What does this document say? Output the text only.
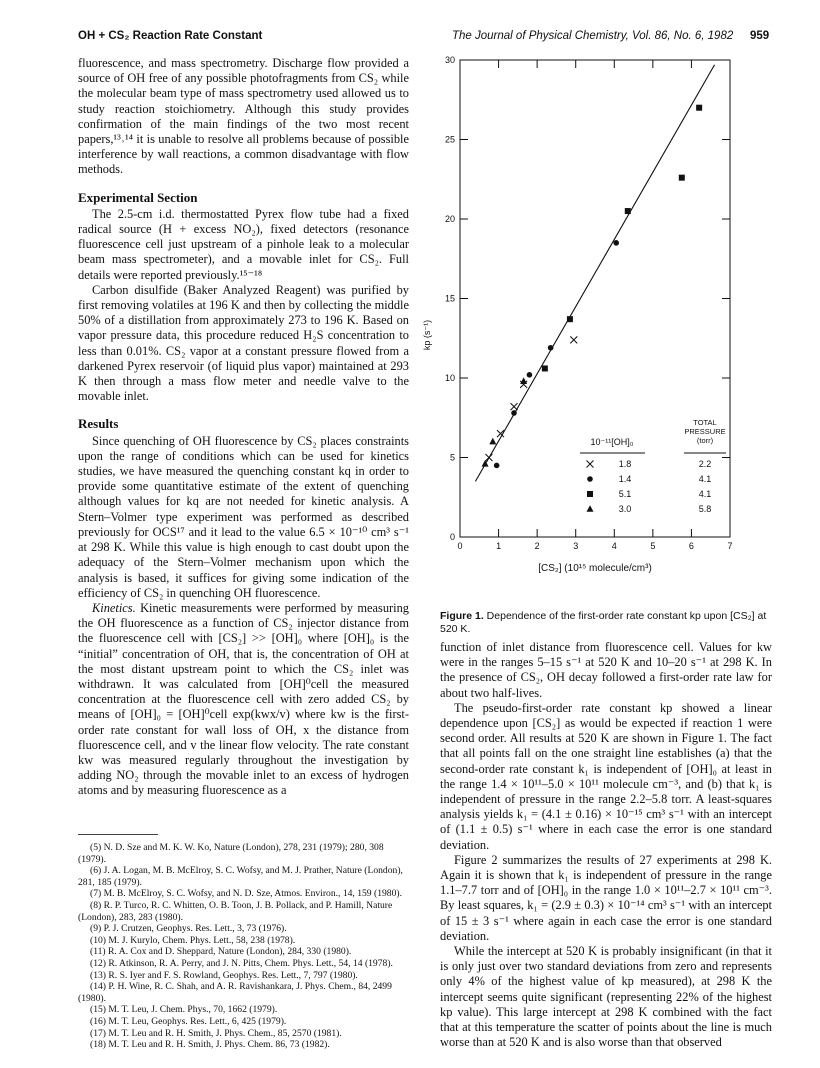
OH + CS₂ Reaction Rate Constant	The Journal of Physical Chemistry, Vol. 86, No. 6, 1982 959

fluorescence, and mass spectrometry. Discharge flow provided a source of OH free of any possible photofragments from CS₂ while the molecular beam type of mass spectrometry used allowed us to study reaction stoichiometry. Although this study provides confirmation of the main findings of the two most recent papers,¹³˒¹⁴ it is unable to resolve all problems because of possible interference by wall reactions, a common disadvantage with flow methods.

Experimental Section

The 2.5-cm i.d. thermostatted Pyrex flow tube had a fixed radical source (H + excess NO₂), fixed detectors (resonance fluorescence cell just upstream of a pinhole leak to a molecular beam mass spectrometer), and a movable inlet for CS₂. Full details were reported previously.¹⁵⁻¹⁸

Carbon disulfide (Baker Analyzed Reagent) was purified by first removing volatiles at 196 K and then by collecting the middle 50% of a distillation from approximately 273 to 196 K. Based on vapor pressure data, this procedure reduced H₂S concentration to less than 0.01%. CS₂ vapor at a constant pressure flowed from a darkened Pyrex reservoir (of liquid plus vapor) maintained at 293 K then through a mass flow meter and needle valve to the movable inlet.

Results

Since quenching of OH fluorescence by CS₂ places constraints upon the range of conditions which can be used for kinetics studies, we have measured the quenching constant kq in order to provide some quantitative estimate of the extent of quenching although values for kq are not needed for kinetic analysis. A Stern–Volmer type experiment was performed as described previously for OCS¹⁷ and it lead to the value 6.5 × 10⁻¹⁰ cm³ s⁻¹ at 298 K. While this value is high enough to cast doubt upon the adequacy of the Stern–Volmer mechanism upon which the analysis is based, it suffices for giving some indication of the efficiency of CS₂ in quenching OH fluorescence.

Kinetics. Kinetic measurements were performed by measuring the OH fluorescence as a function of CS₂ injector distance from the fluorescence cell with [CS₂] >> [OH]₀ where [OH]₀ is the “initial” concentration of OH, that is, the concentration of OH at the most distant upstream point to which the CS₂ inlet was withdrawn. It was calculated from [OH]⁰cell the measured concentration at the fluorescence cell with zero added CS₂ by means of [OH]₀ = [OH]⁰cell exp(kwx/v) where kw is the first-order rate constant for wall loss of OH, x the distance from fluorescence cell, and v the linear flow velocity. The rate constant kw was measured regularly throughout the investigation by adding NO₂ through the movable inlet to an excess of hydrogen atoms and by measuring fluorescence as a

(5) N. D. Sze and M. K. W. Ko, Nature (London), 278, 231 (1979); 280, 308 (1979).

(6) J. A. Logan, M. B. McElroy, S. C. Wofsy, and M. J. Prather, Nature (London), 281, 185 (1979).

(7) M. B. McElroy, S. C. Wofsy, and N. D. Sze, Atmos. Environ., 14, 159 (1980).

(8) R. P. Turco, R. C. Whitten, O. B. Toon, J. B. Pollack, and P. Hamill, Nature (London), 283, 283 (1980).

(9) P. J. Crutzen, Geophys. Res. Lett., 3, 73 (1976).

(10) M. J. Kurylo, Chem. Phys. Lett., 58, 238 (1978).

(11) R. A. Cox and D. Sheppard, Nature (London), 284, 330 (1980).

(12) R. Atkinson, R. A. Perry, and J. N. Pitts, Chem. Phys. Lett., 54, 14 (1978).

(13) R. S. Iyer and F. S. Rowland, Geophys. Res. Lett., 7, 797 (1980).

(14) P. H. Wine, R. C. Shah, and A. R. Ravishankara, J. Phys. Chem., 84, 2499 (1980).

(15) M. T. Leu, J. Chem. Phys., 70, 1662 (1979).

(16) M. T. Leu, Geophys. Res. Lett., 6, 425 (1979).

(17) M. T. Leu and R. H. Smith, J. Phys. Chem., 85, 2570 (1981).

(18) M. T. Leu and R. H. Smith, J. Phys. Chem. 86, 73 (1982).

0	1	2	3	4	5	6	7
0
5
10
15
20
25
30
kp (s⁻¹)
[CS₂] (10¹⁵ molecule/cm³)
10⁻¹¹[OH]₀
TOTAL
PRESSURE
(torr)
1.8	2.2
1.4	4.1
5.1	4.1
3.0	5.8
Figure 1. Dependence of the first-order rate constant kp upon [CS₂] at 520 K.

function of inlet distance from fluorescence cell. Values for kw were in the ranges 5–15 s⁻¹ at 520 K and 10–20 s⁻¹ at 298 K. In the presence of CS₂, OH decay followed a first-order rate law for about two half-lives.

The pseudo-first-order rate constant kp showed a linear dependence upon [CS₂] as would be expected if reaction 1 were second order. All results at 520 K are shown in Figure 1. The fact that all points fall on the one straight line establishes (a) that the second-order rate constant k₁ is independent of [OH]₀ at least in the range 1.4 × 10¹¹–5.0 × 10¹¹ molecule cm⁻³, and (b) that k₁ is independent of pressure in the range 2.2–5.8 torr. A least-squares analysis yields k₁ = (4.1 ± 0.16) × 10⁻¹⁵ cm³ s⁻¹ with an intercept of (1.1 ± 0.5) s⁻¹ where in each case the error is one standard deviation.

Figure 2 summarizes the results of 27 experiments at 298 K. Again it is shown that k₁ is independent of pressure in the range 1.1–7.7 torr and of [OH]₀ in the range 1.0 × 10¹¹–2.7 × 10¹¹ cm⁻³. By least squares, k₁ = (2.9 ± 0.3) × 10⁻¹⁴ cm³ s⁻¹ with an intercept of 15 ± 3 s⁻¹ where again in each case the error is one standard deviation.

While the intercept at 520 K is probably insignificant (in that it is only just over two standard deviations from zero and represents only 4% of the highest value of kp measured), at 298 K the intercept seems quite significant (representing 22% of the highest kp value). This large intercept at 298 K combined with the fact that at this temperature the scatter of points about the line is much worse than at 520 K and is also worse than that observed
